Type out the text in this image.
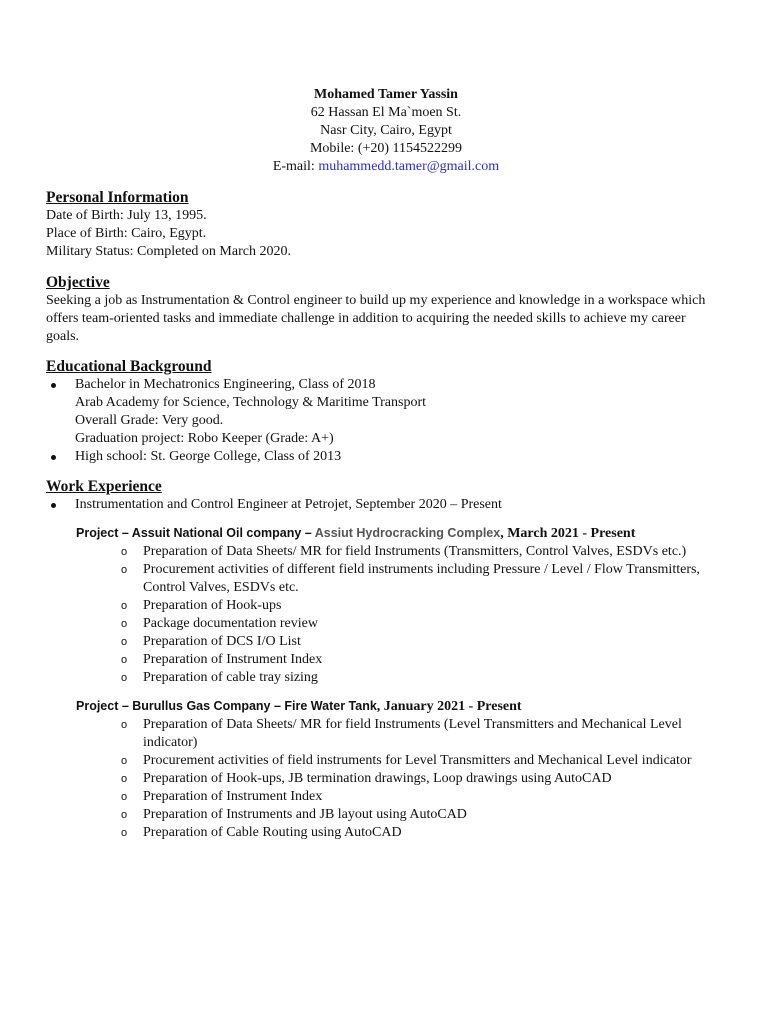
Mohamed Tamer Yassin
62 Hassan El Ma`moen St.
Nasr City, Cairo, Egypt
Mobile: (+20) 1154522299
E-mail: muhammedd.tamer@gmail.com
Personal Information
Date of Birth: July 13, 1995.
Place of Birth: Cairo, Egypt.
Military Status: Completed on March 2020.
Objective
Seeking a job as Instrumentation & Control engineer to build up my experience and knowledge in a workspace which offers team-oriented tasks and immediate challenge in addition to acquiring the needed skills to achieve my career goals.
Educational Background
Bachelor in Mechatronics Engineering, Class of 2018
Arab Academy for Science, Technology & Maritime Transport
Overall Grade: Very good.
Graduation project: Robo Keeper (Grade: A+)
High school: St. George College, Class of 2013
Work Experience
Instrumentation and Control Engineer at Petrojet, September 2020 – Present
Project – Assuit National Oil company – Assiut Hydrocracking Complex, March 2021 - Present
o Preparation of Data Sheets/ MR for field Instruments (Transmitters, Control Valves, ESDVs etc.)
o Procurement activities of different field instruments including Pressure / Level / Flow Transmitters, Control Valves, ESDVs etc.
o Preparation of Hook-ups
o Package documentation review
o Preparation of DCS I/O List
o Preparation of Instrument Index
o Preparation of cable tray sizing
Project – Burullus Gas Company – Fire Water Tank, January 2021 - Present
o Preparation of Data Sheets/ MR for field Instruments (Level Transmitters and Mechanical Level indicator)
o Procurement activities of field instruments for Level Transmitters and Mechanical Level indicator
o Preparation of Hook-ups, JB termination drawings, Loop drawings using AutoCAD
o Preparation of Instrument Index
o Preparation of Instruments and JB layout using AutoCAD
o Preparation of Cable Routing using AutoCAD
